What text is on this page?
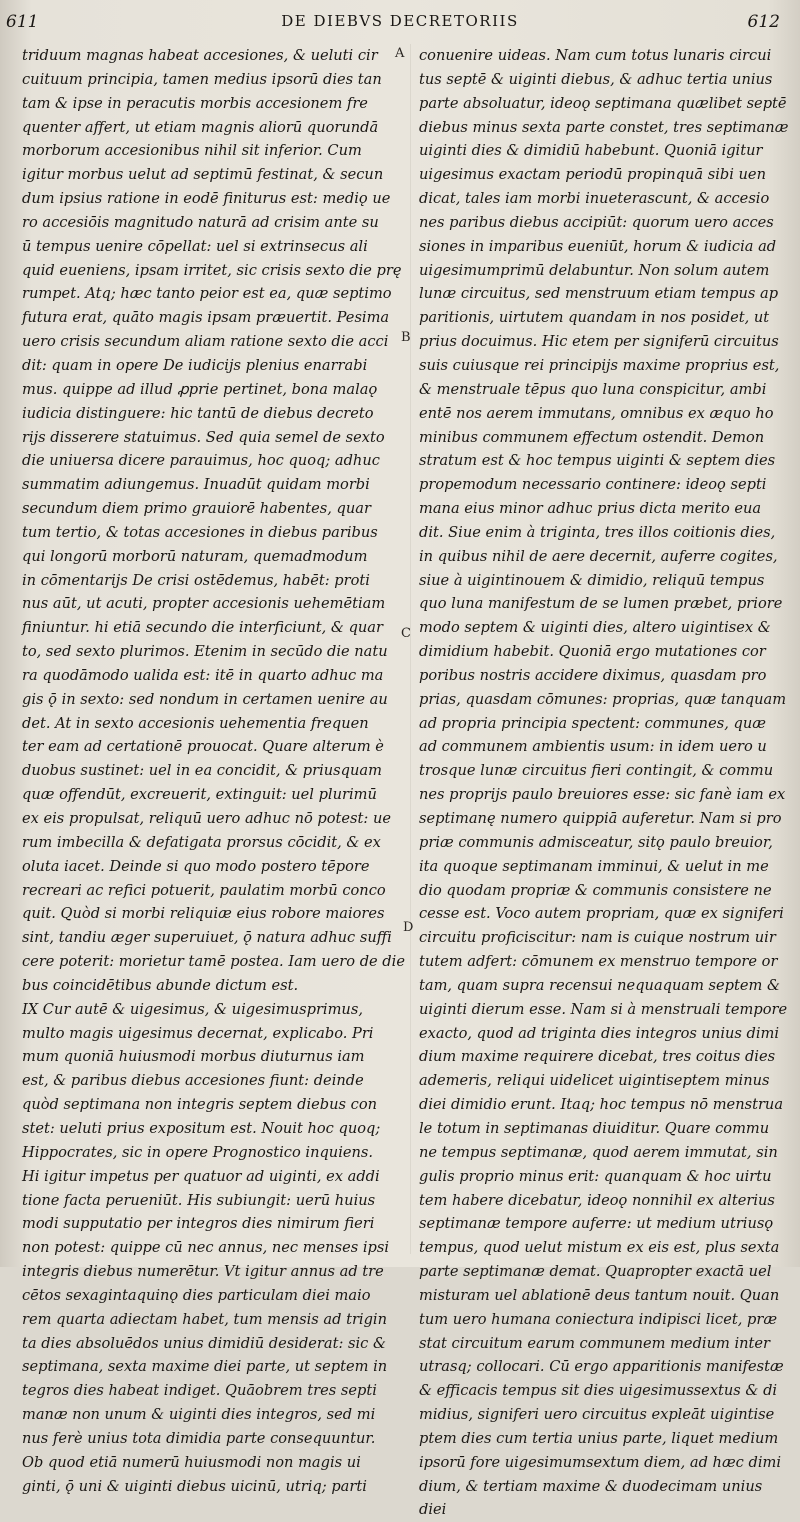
611	DE DIEBVS DECRETORIIS	612
A
B
C
D
triduum magnas habeat accesiones, & ueluti cir
cuituum principia, tamen medius ipsorū dies tan
tam & ipse in peracutis morbis accesionem fre
quenter affert, ut etiam magnis aliorū quorundā
morborum accesionibus nihil sit inferior. Cum
igitur morbus uelut ad septimū festinat, & secun
dum ipsius ratione in eodē finiturus est: mediǫ ue
ro accesiōis magnitudo naturā ad crisim ante su
ū tempus uenire cōpellat: uel si extrinsecus ali
quid eueniens, ipsam irritet, sic crisis sexto die prę
rumpet. Atq; hæc tanto peior est ea, quæ septimo
futura erat, quāto magis ipsam præuertit. Pesima
uero crisis secundum aliam ratione sexto die acci
dit: quam in opere De iudicijs plenius enarrabi
mus. quippe ad illud ꝓprie pertinet, bona malaǫ
iudicia distinguere: hic tantū de diebus decreto
rijs disserere statuimus. Sed quia semel de sexto
die uniuersa dicere parauimus, hoc quoq; adhuc
summatim adiungemus. Inuadūt quidam morbi
secundum diem primo grauiorē habentes, quar
tum tertio, & totas accesiones in diebus paribus
qui longorū morborū naturam, quemadmodum
in cōmentarijs De crisi ostēdemus, habēt: proti
nus aūt, ut acuti, propter accesionis uehemētiam
finiuntur. hi etiā secundo die interficiunt, & quar
to, sed sexto plurimos. Etenim in secūdo die natu
ra quodāmodo ualida est: itē in quarto adhuc ma
gis ǭ in sexto: sed nondum in certamen uenire au
det. At in sexto accesionis uehementia frequen
ter eam ad certationē prouocat. Quare alterum è
duobus sustinet: uel in ea concidit, & priusquam
quæ offendūt, excreuerit, extinguit: uel plurimū
ex eis propulsat, reliquū uero adhuc nō potest: ue
rum imbecilla & defatigata prorsus cōcidit, & ex
oluta iacet. Deinde si quo modo postero tēpore
recreari ac refici potuerit, paulatim morbū conco
quit. Quòd si morbi reliquiæ eius robore maiores
sint, tandiu æger superuiuet, ǭ natura adhuc suffi
cere poterit: morietur tamē postea. Iam uero de die
bus coincidētibus abunde dictum est.
IX Cur autē & uigesimus, & uigesimusprimus,
multo magis uigesimus decernat, explicabo. Pri
mum quoniā huiusmodi morbus diuturnus iam
est, & paribus diebus accesiones fiunt: deinde
quòd septimana non integris septem diebus con
stet: ueluti prius expositum est. Nouit hoc quoq;
Hippocrates, sic in opere Prognostico inquiens.
Hi igitur impetus per quatuor ad uiginti, ex addi
tione facta perueniūt. His subiungit: uerū huius
modi supputatio per integros dies nimirum fieri
non potest: quippe cū nec annus, nec menses ipsi
integris diebus numerētur. Vt igitur annus ad tre
cētos sexagintaquinǫ dies particulam diei maio
rem quarta adiectam habet, tum mensis ad trigin
ta dies absoluēdos unius dimidiū desiderat: sic &
septimana, sexta maxime diei parte, ut septem in
tegros dies habeat indiget. Quāobrem tres septi
manæ non unum & uiginti dies integros, sed mi
nus ferè unius tota dimidia parte consequuntur.
Ob quod etiā numerū huiusmodi non magis ui
ginti, ǭ uni & uiginti diebus uicinū, utriq; parti
conuenire uideas. Nam cum totus lunaris circui
tus septē & uiginti diebus, & adhuc tertia unius
parte absoluatur, ideoǫ septimana quælibet septē
diebus minus sexta parte constet, tres septimanæ
uiginti dies & dimidiū habebunt. Quoniā igitur
uigesimus exactam periodū propinquā sibi uen
dicat, tales iam morbi inueterascunt, & accesio
nes paribus diebus accipiūt: quorum uero acces
siones in imparibus eueniūt, horum & iudicia ad
uigesimumprimū delabuntur. Non solum autem
lunæ circuitus, sed menstruum etiam tempus ap
paritionis, uirtutem quandam in nos posidet, ut
prius docuimus. Hic etem per signiferū circuitus
suis cuiusque rei principijs maxime proprius est,
& menstruale tēpus quo luna conspicitur, ambi
entē nos aerem immutans, omnibus ex æquo ho
minibus communem effectum ostendit. Demon
stratum est & hoc tempus uiginti & septem dies
propemodum necessario continere: ideoǫ septi
mana eius minor adhuc prius dicta merito eua
dit. Siue enim à triginta, tres illos coitionis dies,
in quibus nihil de aere decernit, auferre cogites,
siue à uigintinouem & dimidio, reliquū tempus
quo luna manifestum de se lumen præbet, priore
modo septem & uiginti dies, altero uigintisex &
dimidium habebit. Quoniā ergo mutationes cor
poribus nostris accidere diximus, quasdam pro
prias, quasdam cōmunes: proprias, quæ tanquam
ad propria principia spectent: communes, quæ
ad communem ambientis usum: in idem uero u
trosque lunæ circuitus fieri contingit, & commu
nes proprijs paulo breuiores esse: sic fanè iam ex
septimanę numero quippiā auferetur. Nam si pro
priæ communis admisceatur, sitǫ paulo breuior,
ita quoque septimanam imminui, & uelut in me
dio quodam propriæ & communis consistere ne
cesse est. Voco autem propriam, quæ ex signiferi
circuitu proficiscitur: nam is cuique nostrum uir
tutem adfert: cōmunem ex menstruo tempore or
tam, quam supra recensui nequaquam septem &
uiginti dierum esse. Nam si à menstruali tempore
exacto, quod ad triginta dies integros unius dimi
dium maxime requirere dicebat, tres coitus dies
ademeris, reliqui uidelicet uigintiseptem minus
diei dimidio erunt. Itaq; hoc tempus nō menstrua
le totum in septimanas diuiditur. Quare commu
ne tempus septimanæ, quod aerem immutat, sin
gulis proprio minus erit: quanquam & hoc uirtu
tem habere dicebatur, ideoǫ nonnihil ex alterius
septimanæ tempore auferre: ut medium utriusǫ
tempus, quod uelut mistum ex eis est, plus sexta
parte septimanæ demat. Quapropter exactā uel
misturam uel ablationē deus tantum nouit. Quan
tum uero humana coniectura indipisci licet, præ
stat circuitum earum communem medium inter
utrasq; collocari. Cū ergo apparitionis manifestæ
& efficacis tempus sit dies uigesimussextus & di
midius, signiferi uero circuitus expleāt uigintise
ptem dies cum tertia unius parte, liquet medium
ipsorū fore uigesimumsextum diem, ad hæc dimi
dium, & tertiam maxime & duodecimam unius
diei
